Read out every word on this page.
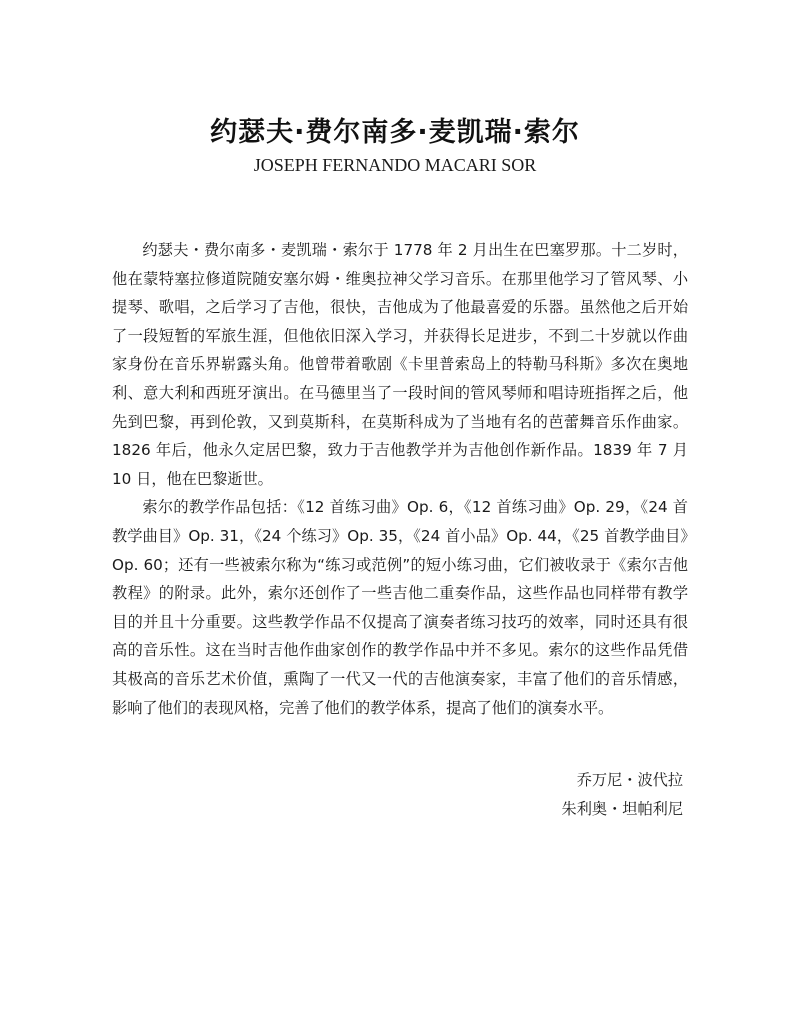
约瑟夫·费尔南多·麦凯瑞·索尔
JOSEPH FERNANDO MACARI SOR

约瑟夫・费尔南多・麦凯瑞・索尔于 1778 年 2 月出生在巴塞罗那。十二岁时，他在蒙特塞拉修道院随安塞尔姆・维奥拉神父学习音乐。在那里他学习了管风琴、小提琴、歌唱，之后学习了吉他，很快，吉他成为了他最喜爱的乐器。虽然他之后开始了一段短暂的军旅生涯，但他依旧深入学习，并获得长足进步，不到二十岁就以作曲家身份在音乐界崭露头角。他曾带着歌剧《卡里普索岛上的特勒马科斯》多次在奥地利、意大利和西班牙演出。在马德里当了一段时间的管风琴师和唱诗班指挥之后，他先到巴黎，再到伦敦，又到莫斯科，在莫斯科成为了当地有名的芭蕾舞音乐作曲家。1826 年后，他永久定居巴黎，致力于吉他教学并为吉他创作新作品。1839 年 7 月 10 日，他在巴黎逝世。

索尔的教学作品包括：《12 首练习曲》Op. 6，《12 首练习曲》Op. 29，《24 首教学曲目》Op. 31，《24 个练习》Op. 35，《24 首小品》Op. 44，《25 首教学曲目》Op. 60；还有一些被索尔称为“练习或范例”的短小练习曲，它们被收录于《索尔吉他教程》的附录。此外，索尔还创作了一些吉他二重奏作品，这些作品也同样带有教学目的并且十分重要。这些教学作品不仅提高了演奏者练习技巧的效率，同时还具有很高的音乐性。这在当时吉他作曲家创作的教学作品中并不多见。索尔的这些作品凭借其极高的音乐艺术价值，熏陶了一代又一代的吉他演奏家，丰富了他们的音乐情感，影响了他们的表现风格，完善了他们的教学体系，提高了他们的演奏水平。

乔万尼・波代拉
朱利奥・坦帕利尼
